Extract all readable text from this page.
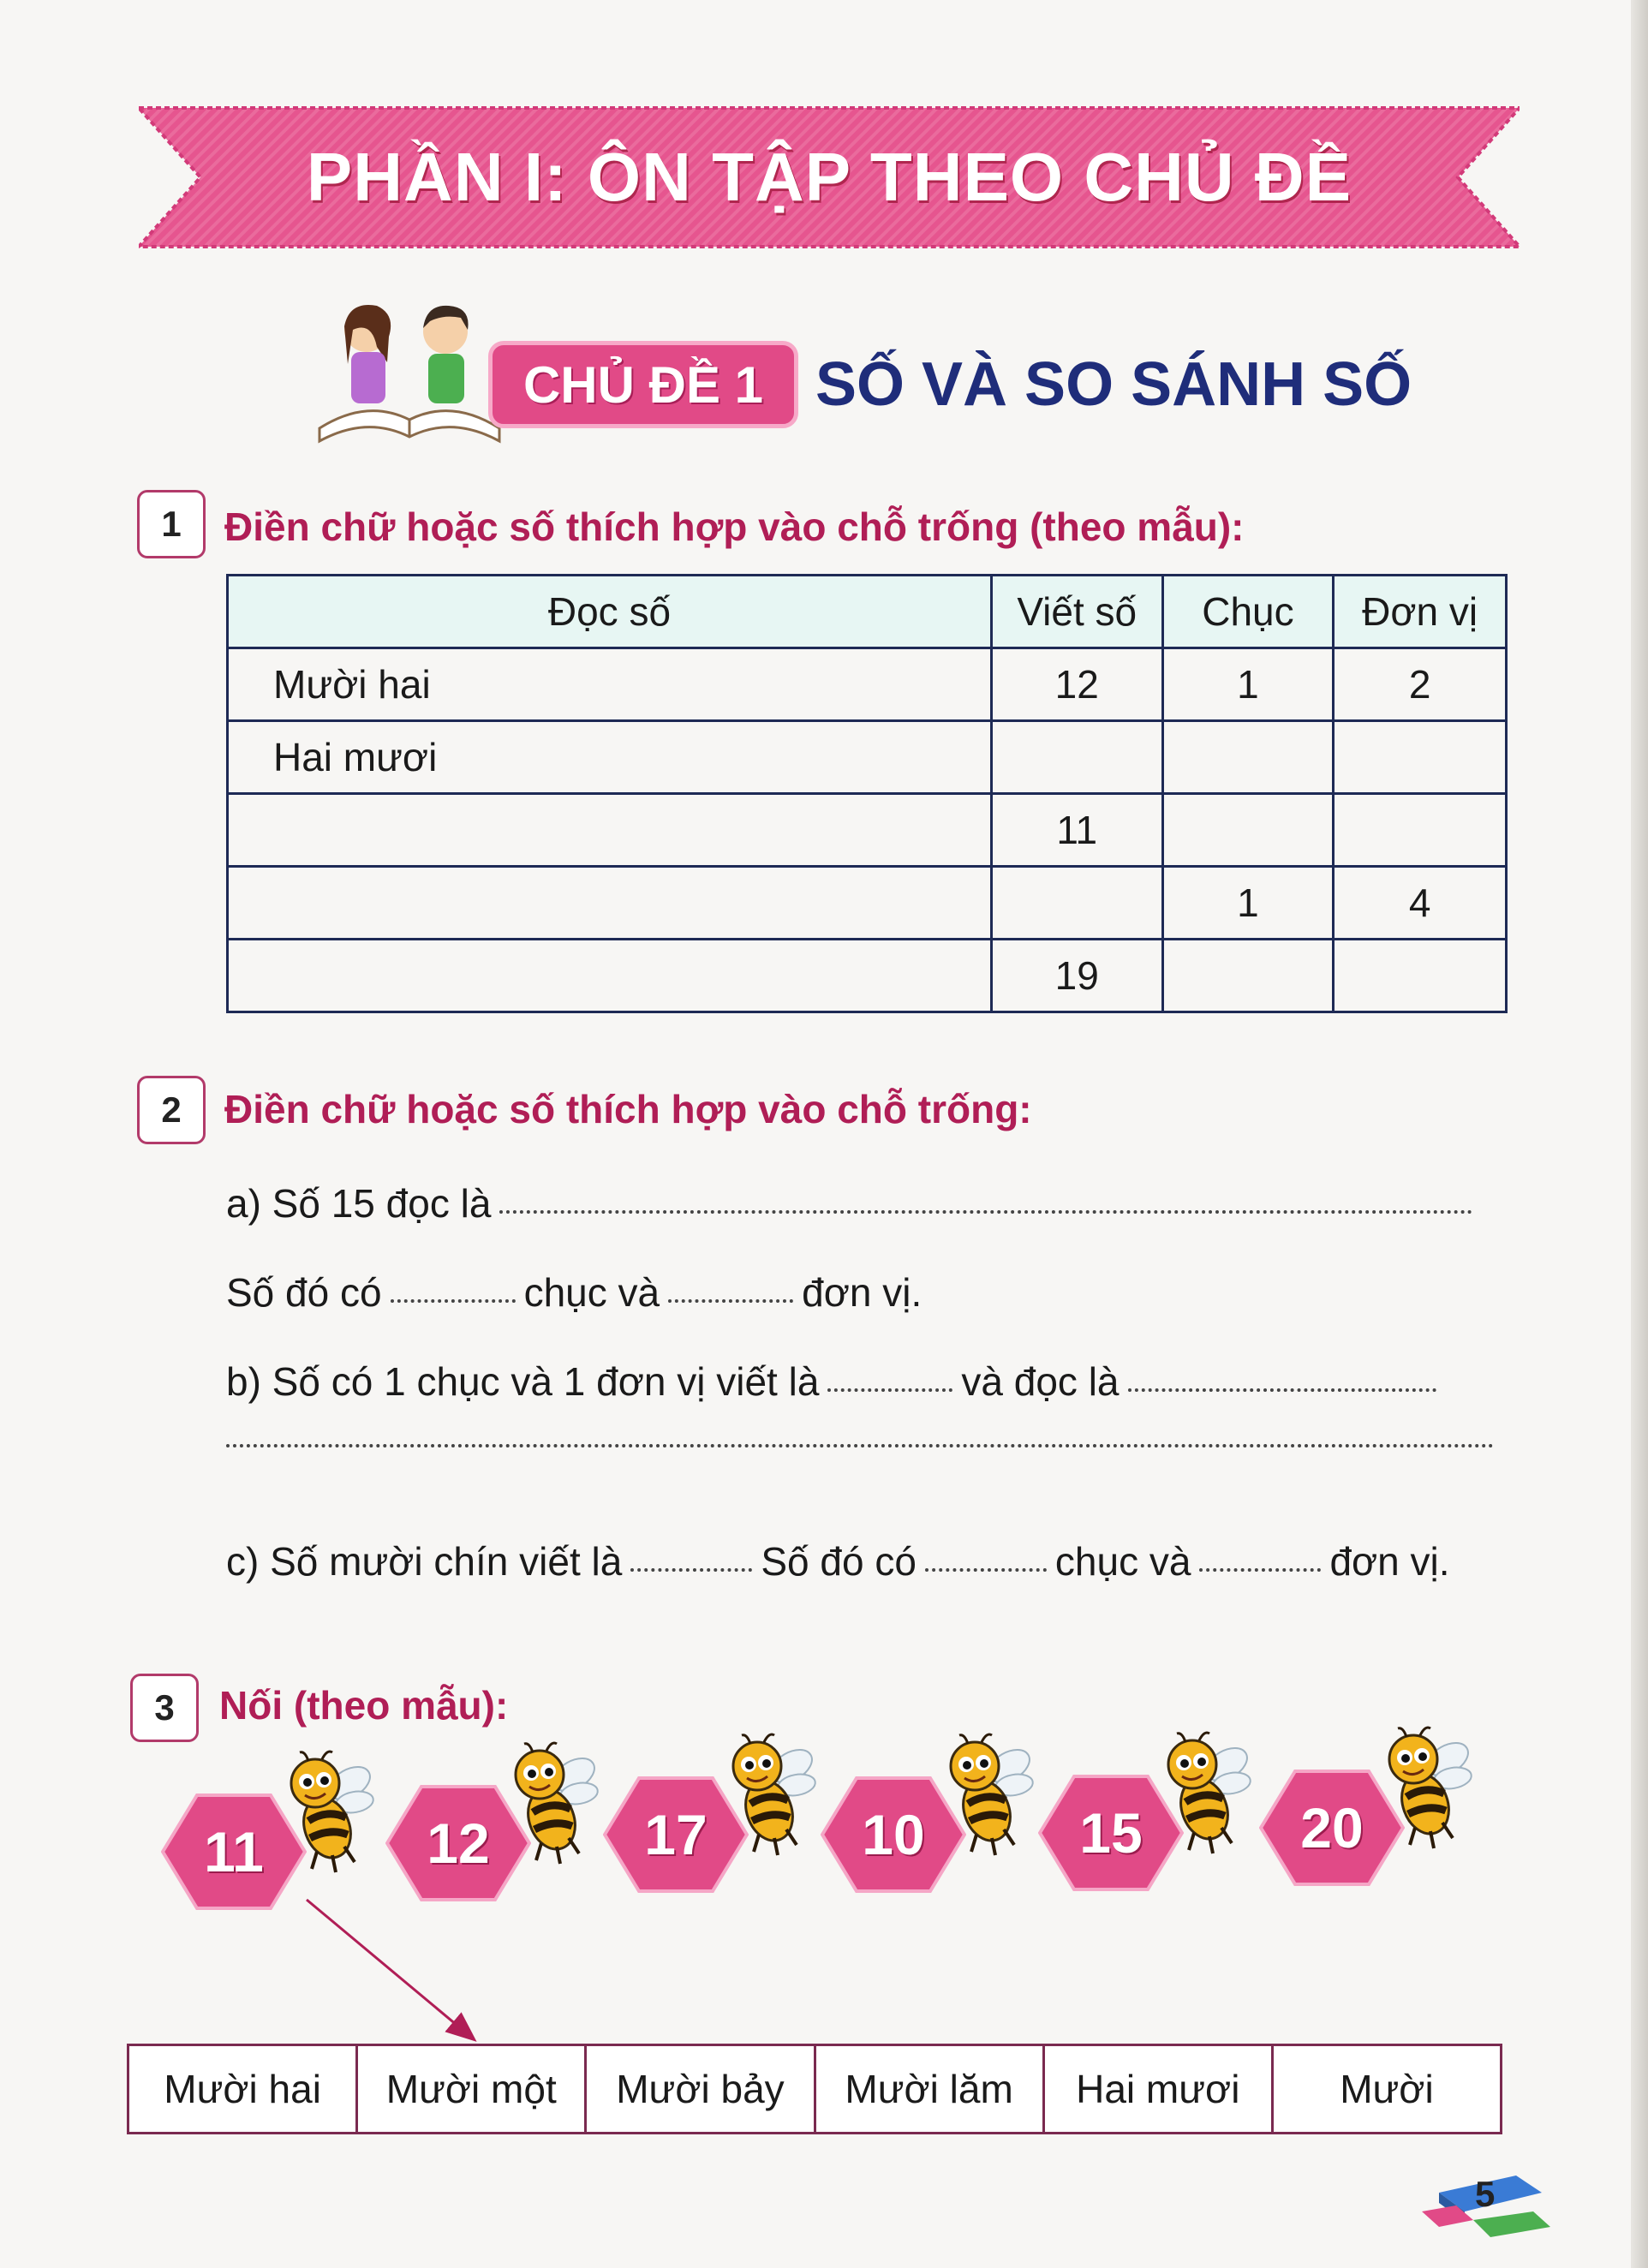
PHẦN I: ÔN TẬP THEO CHỦ ĐỀ
CHỦ ĐỀ 1 SỐ VÀ SO SÁNH SỐ
1	Điền chữ hoặc số thích hợp vào chỗ trống (theo mẫu):
Đọc số	Viết số	Chục	Đơn vị
Mười hai	12	1	2
Hai mươi			
	11		
		1	4
	19		
2	Điền chữ hoặc số thích hợp vào chỗ trống:
a) Số 15 đọc là
Số đó có	chục và	đơn vị.
b) Số có 1 chục và 1 đơn vị viết là	và đọc là
c) Số mười chín viết là	Số đó có	chục và	đơn vị.
3	Nối (theo mẫu):
11	12	17	10	15	20
Mười hai	Mười một	Mười bảy	Mười lăm	Hai mươi	Mười
5
